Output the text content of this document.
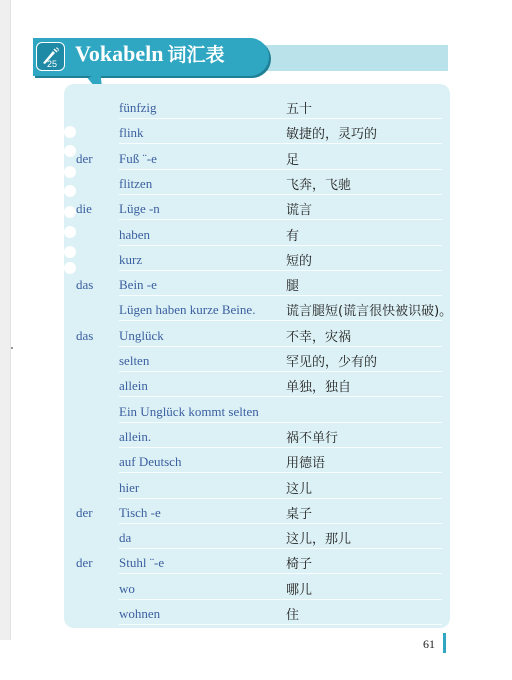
25 Vokabeln 词汇表
fünfzig	五十
flink	敏捷的，灵巧的
der Fuß ¨-e	足
flitzen	飞奔，飞驰
die Lüge -n	谎言
haben	有
kurz	短的
das Bein -e	腿
Lügen haben kurze Beine.	谎言腿短(谎言很快被识破)。
das Unglück	不幸，灾祸
selten	罕见的，少有的
allein	单独，独自
Ein Unglück kommt selten
allein.	祸不单行
auf Deutsch	用德语
hier	这儿
der Tisch -e	桌子
da	这儿，那儿
der Stuhl ¨-e	椅子
wo	哪儿
wohnen	住
61
